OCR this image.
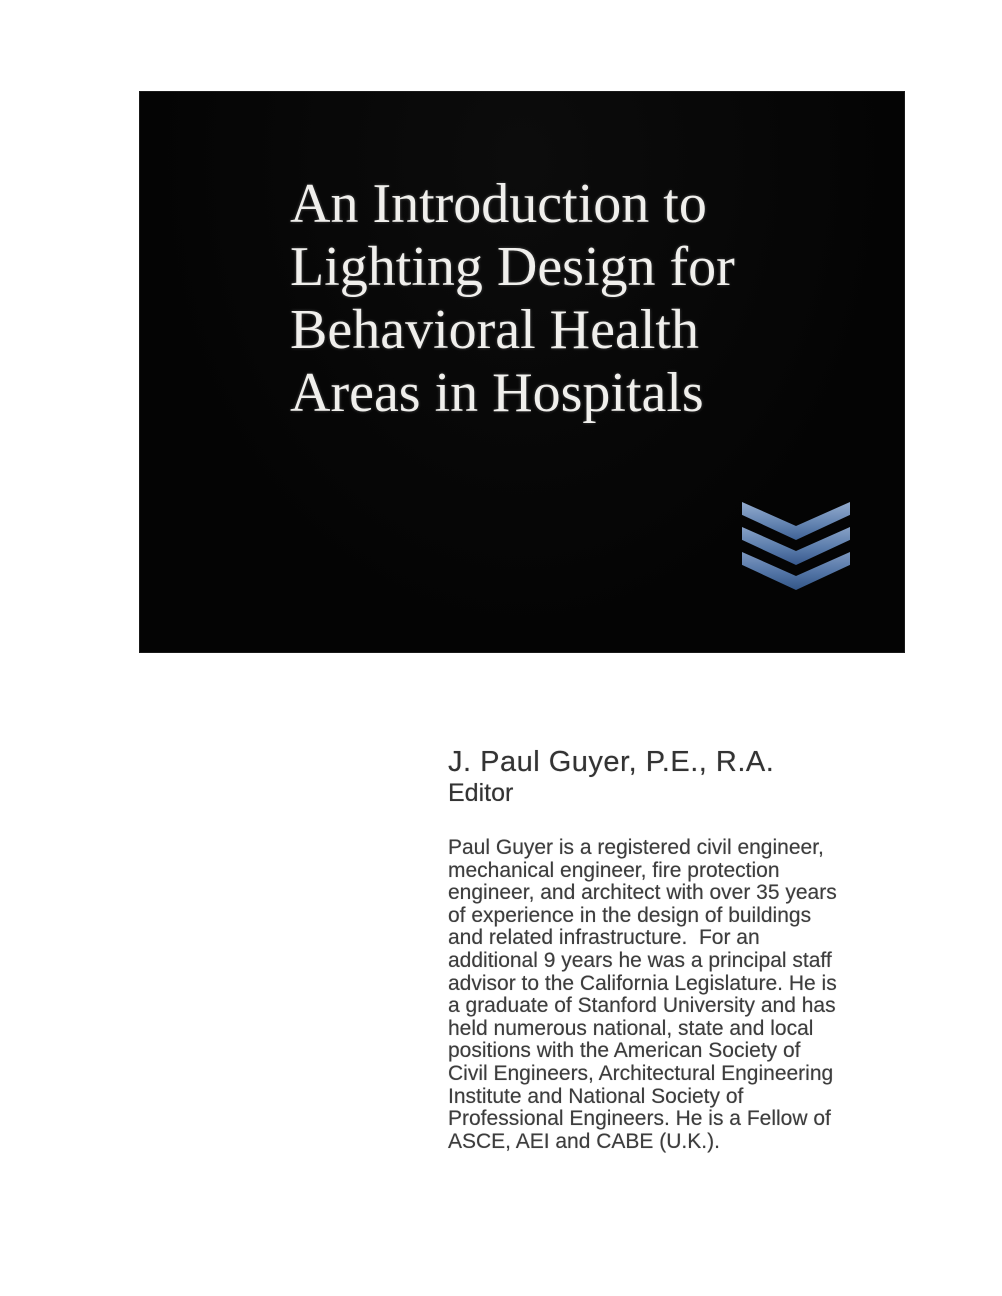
An Introduction to
Lighting Design for
Behavioral Health
Areas in Hospitals
J. Paul Guyer, P.E., R.A.
Editor
Paul Guyer is a registered civil engineer,
mechanical engineer, fire protection
engineer, and architect with over 35 years
of experience in the design of buildings
and related infrastructure.  For an
additional 9 years he was a principal staff
advisor to the California Legislature. He is
a graduate of Stanford University and has
held numerous national, state and local
positions with the American Society of
Civil Engineers, Architectural Engineering
Institute and National Society of
Professional Engineers. He is a Fellow of
ASCE, AEI and CABE (U.K.).
